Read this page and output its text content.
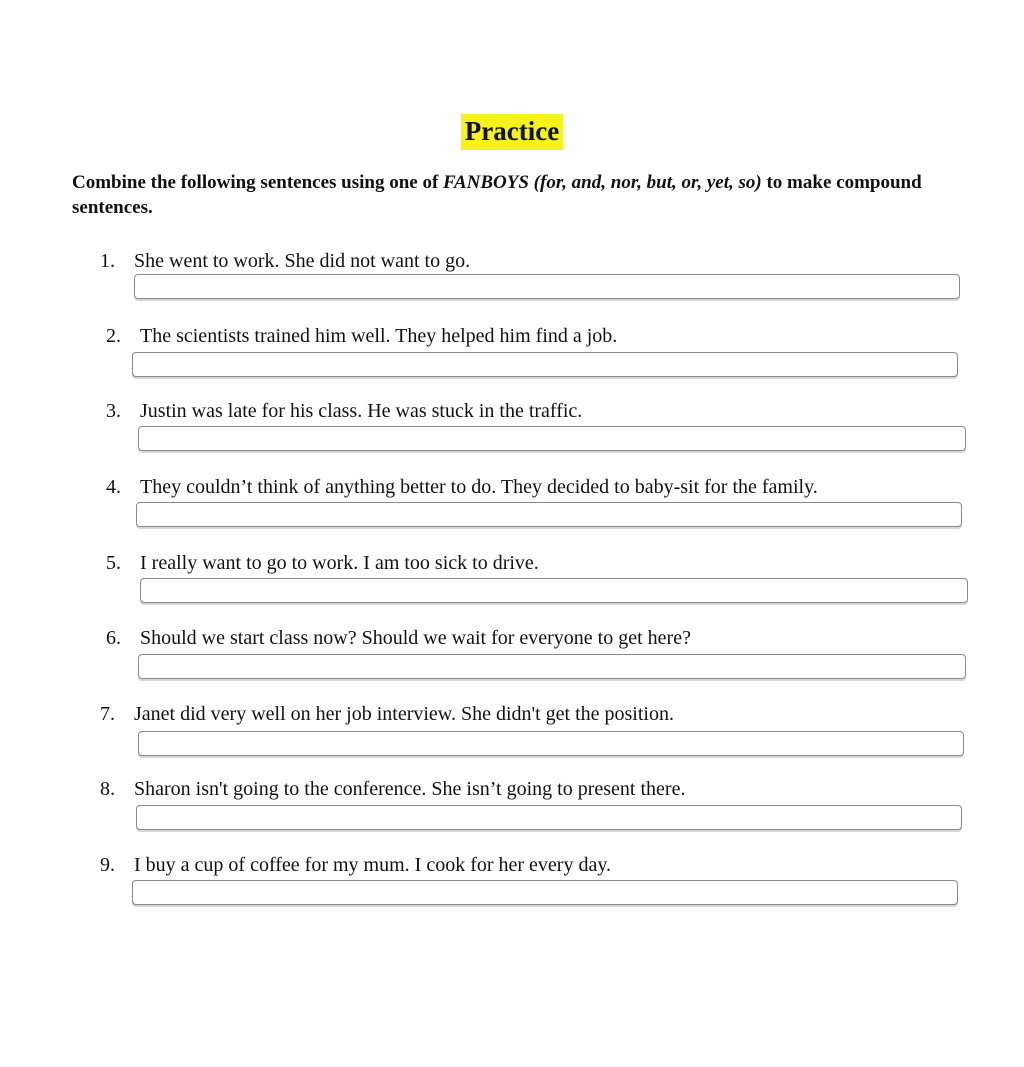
Practice
Combine the following sentences using one of FANBOYS (for, and, nor, but, or, yet, so) to make compound sentences.
1. She went to work. She did not want to go.
2. The scientists trained him well. They helped him find a job.
3. Justin was late for his class. He was stuck in the traffic.
4. They couldn’t think of anything better to do. They decided to baby-sit for the family.
5. I really want to go to work. I am too sick to drive.
6. Should we start class now? Should we wait for everyone to get here?
7. Janet did very well on her job interview. She didn't get the position.
8. Sharon isn't going to the conference. She isn’t going to present there.
9. I buy a cup of coffee for my mum. I cook for her every day.
